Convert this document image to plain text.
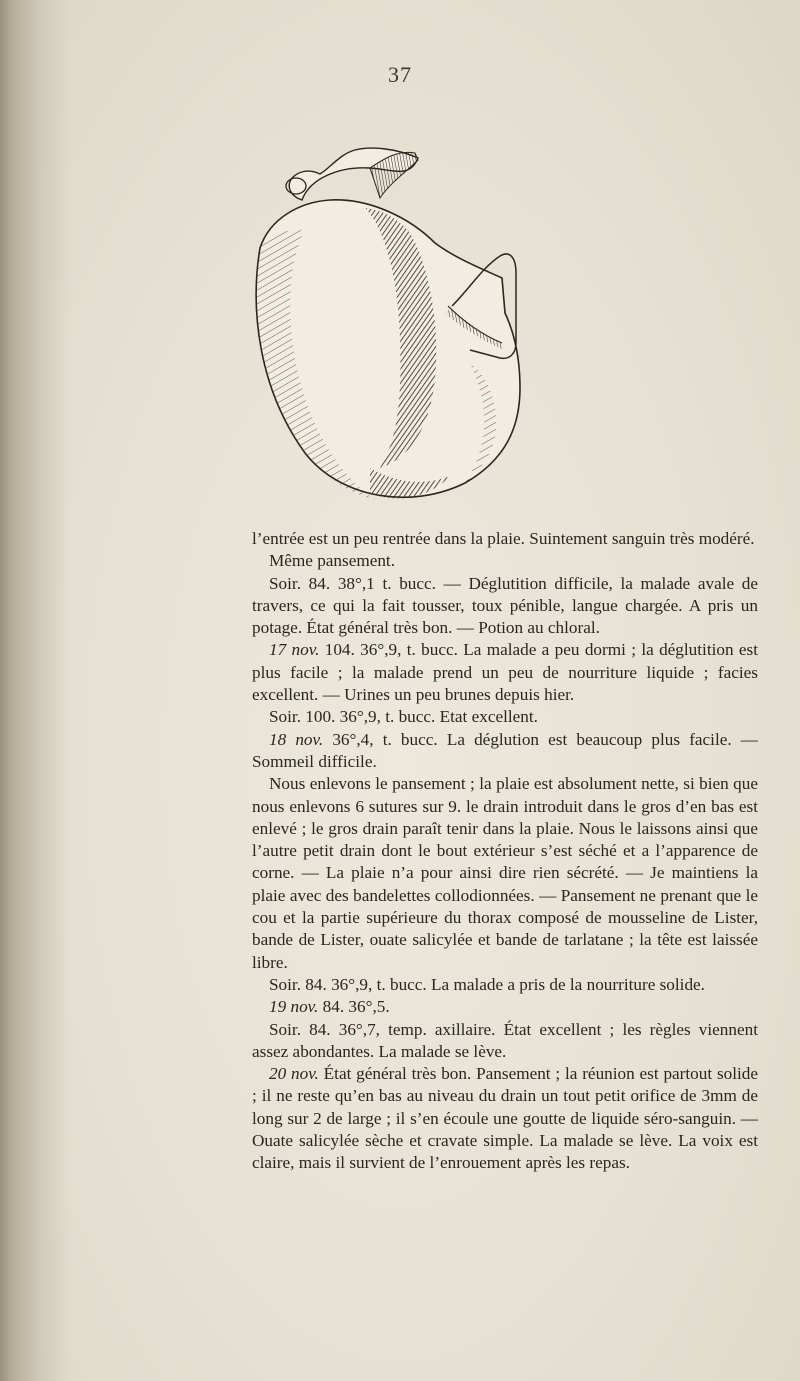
37

l’entrée est un peu rentrée dans la plaie. Suintement sanguin très modéré.

Même pansement.

Soir. 84. 38°,1 t. bucc. — Déglutition difficile, la malade avale de travers, ce qui la fait tousser, toux pénible, langue chargée. A pris un potage. État général très bon. — Potion au chloral.

17 nov. 104. 36°,9, t. bucc. La malade a peu dormi ; la déglutition est plus facile ; la malade prend un peu de nourriture liquide ; facies excellent. — Urines un peu brunes depuis hier.

Soir. 100. 36°,9, t. bucc. Etat excellent.

18 nov. 36°,4, t. bucc. La déglution est beaucoup plus facile. — Sommeil difficile.

Nous enlevons le pansement ; la plaie est absolument nette, si bien que nous enlevons 6 sutures sur 9. le drain introduit dans le gros d’en bas est enlevé ; le gros drain paraît tenir dans la plaie. Nous le laissons ainsi que l’autre petit drain dont le bout extérieur s’est séché et a l’apparence de corne. — La plaie n’a pour ainsi dire rien sécrété. — Je maintiens la plaie avec des bandelettes collodionnées. — Pansement ne prenant que le cou et la partie supérieure du thorax composé de mousseline de Lister, bande de Lister, ouate salicylée et bande de tarlatane ; la tête est laissée libre.

Soir. 84. 36°,9, t. bucc. La malade a pris de la nourriture solide.

19 nov. 84. 36°,5.

Soir. 84. 36°,7, temp. axillaire. État excellent ; les règles viennent assez abondantes. La malade se lève.

20 nov. État général très bon. Pansement ; la réunion est partout solide ; il ne reste qu’en bas au niveau du drain un tout petit orifice de 3mm de long sur 2 de large ; il s’en écoule une goutte de liquide séro-sanguin. — Ouate salicylée sèche et cravate simple. La malade se lève. La voix est claire, mais il survient de l’enrouement après les repas.
